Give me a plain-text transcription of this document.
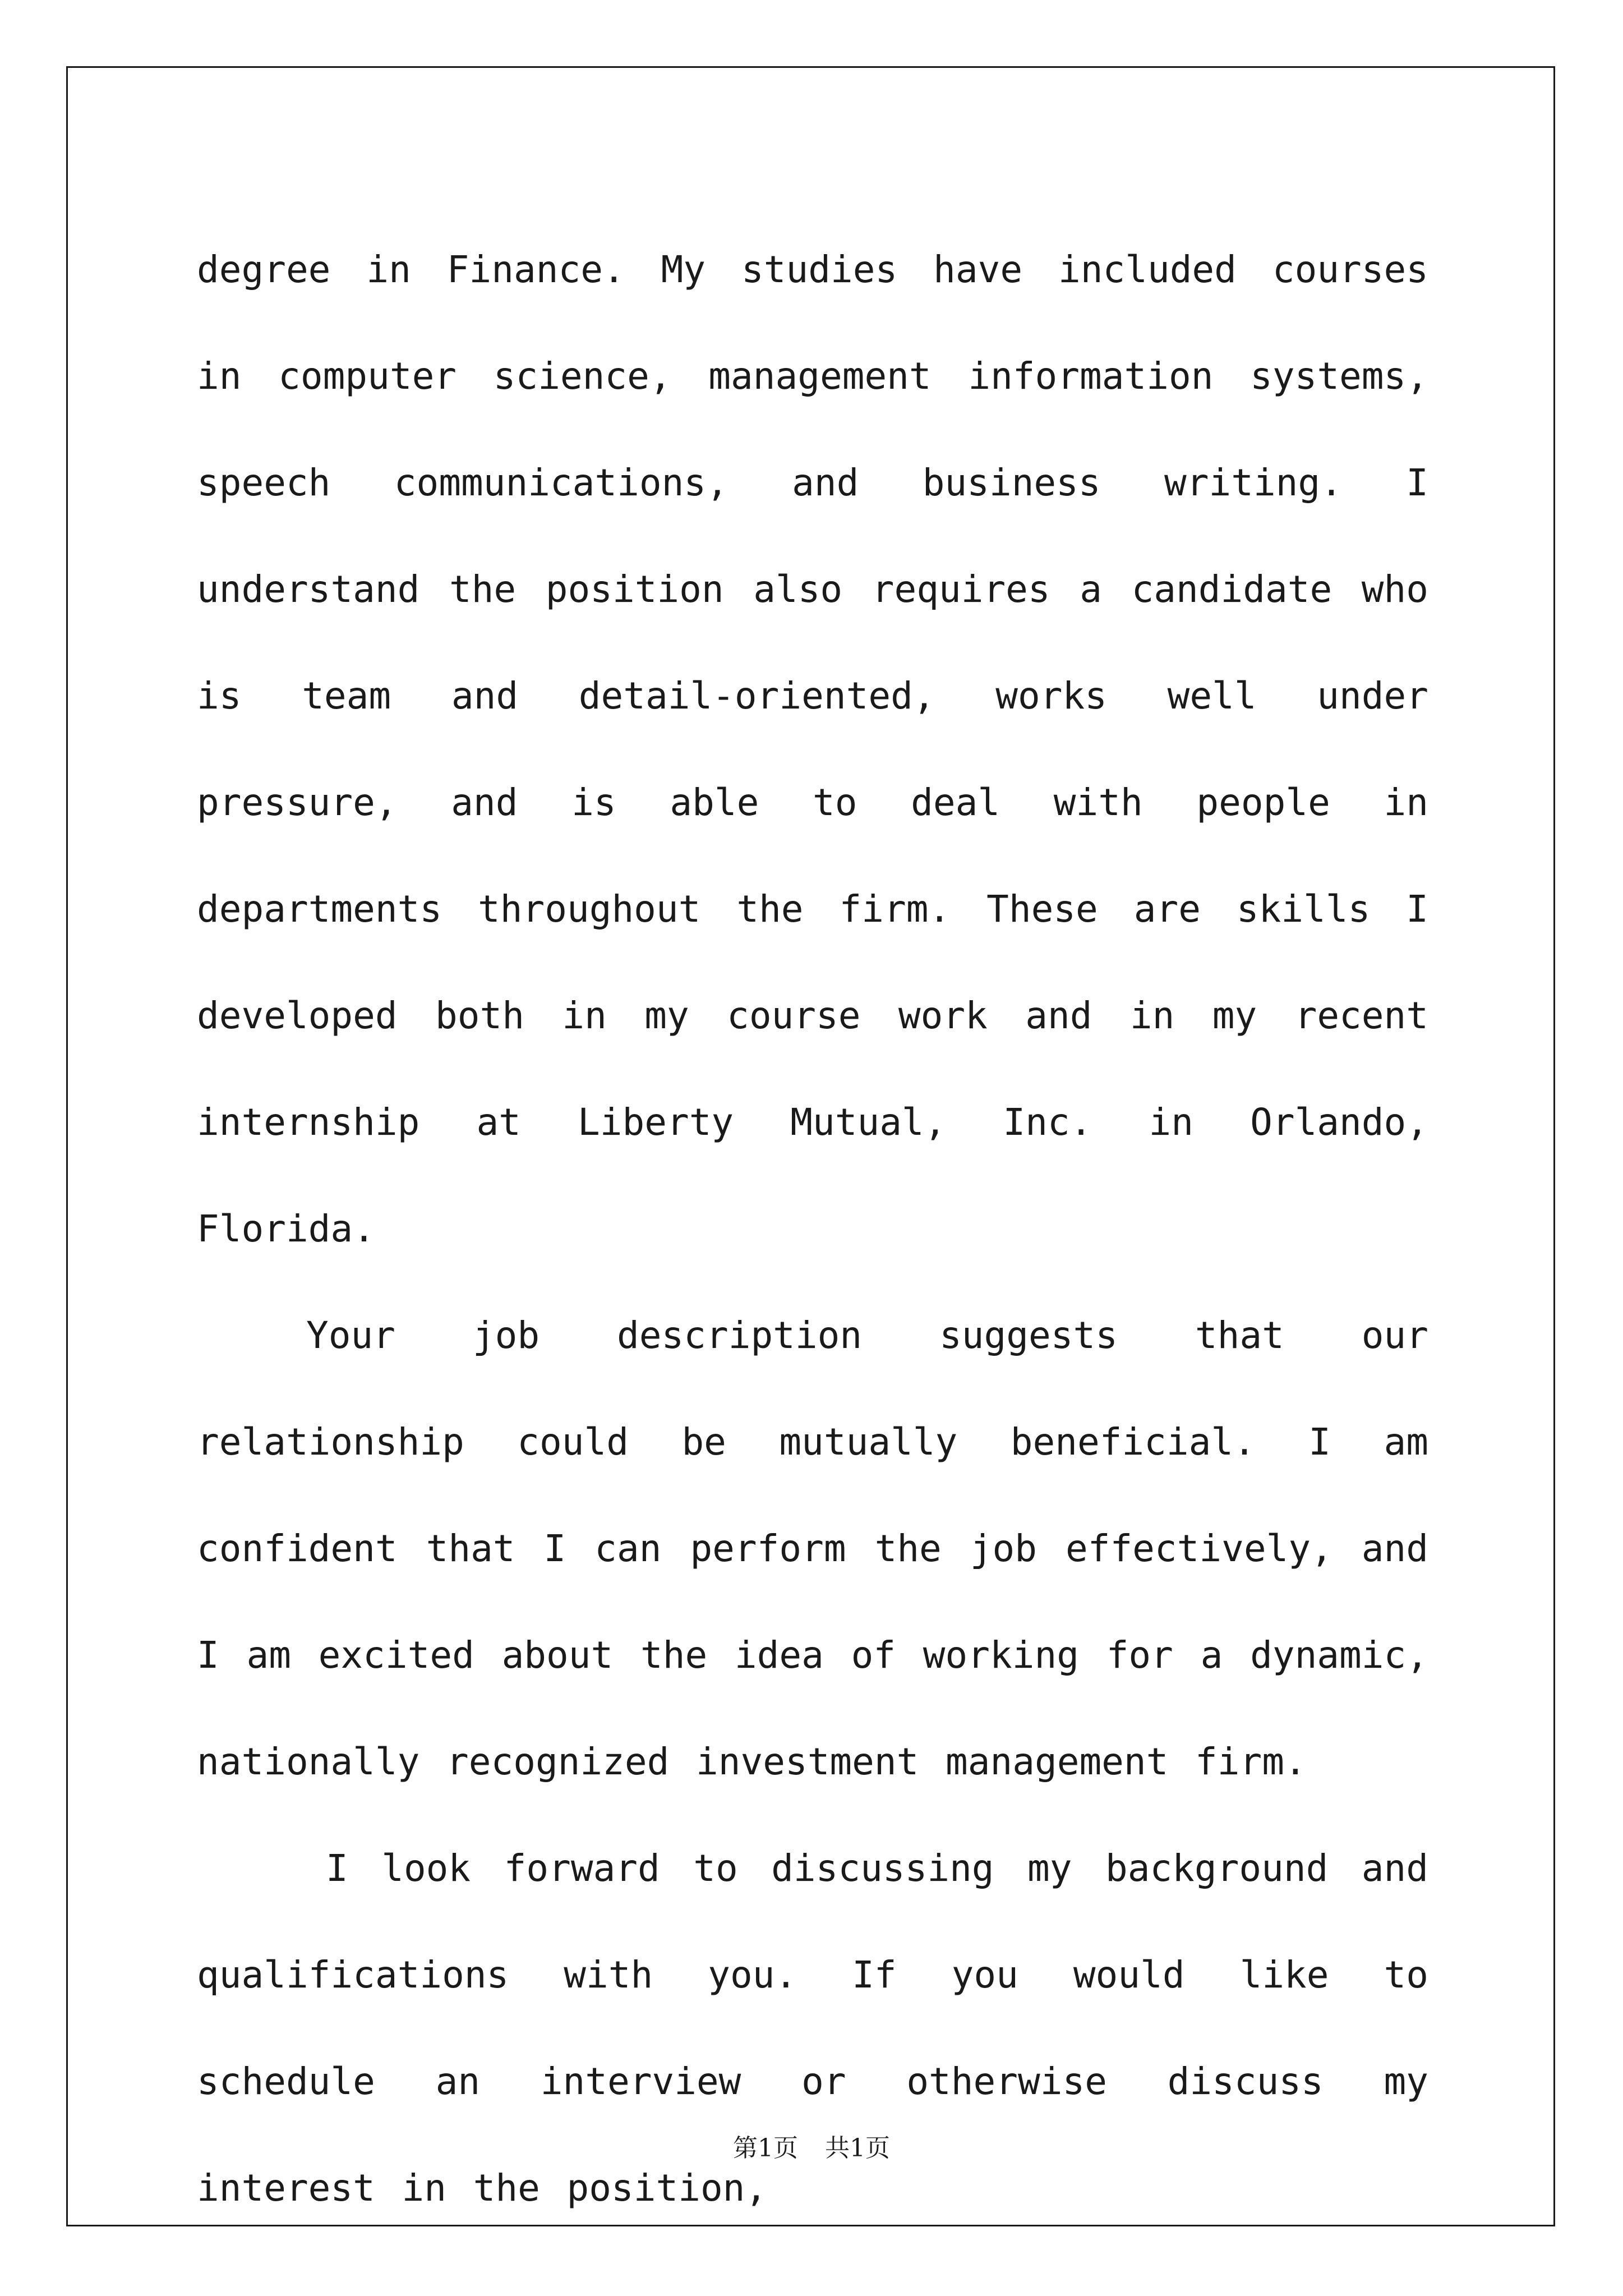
degree in Finance. My studies have included courses in computer science, management information systems, speech communications, and business writing. I understand the position also requires a candidate who is team and detail-oriented, works well under pressure, and is able to deal with people in departments throughout the firm. These are skills I developed both in my course work and in my recent internship at Liberty Mutual, Inc. in Orlando, Florida.

Your job description suggests that our relationship could be mutually beneficial. I am confident that I can perform the job effectively, and I am excited about the idea of working for a dynamic, nationally recognized investment management firm.

I look forward to discussing my background and qualifications with you. If you would like to schedule an interview or otherwise discuss my interest in the position,

第1页 共1页
